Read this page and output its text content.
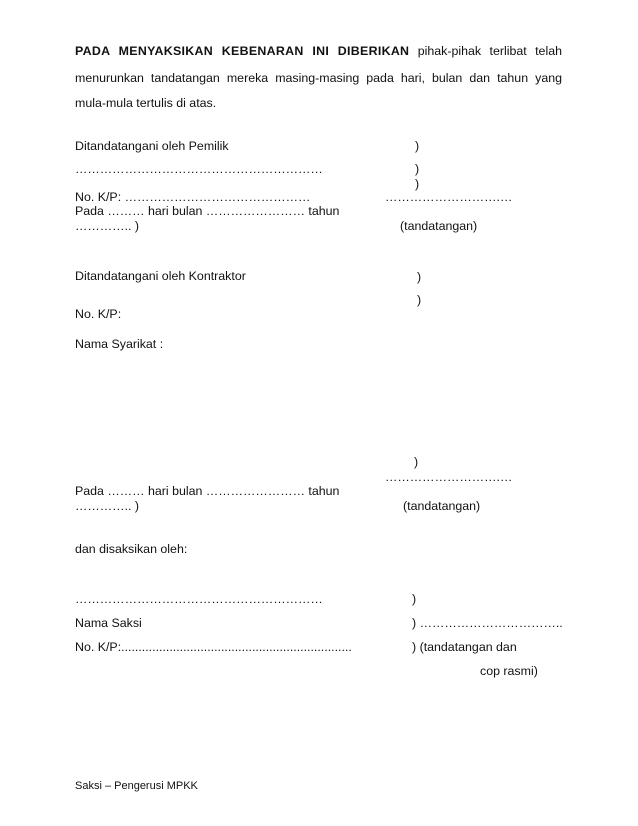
PADA MENYAKSIKAN KEBENARAN INI DIBERIKAN pihak-pihak terlibat telah
menurunkan tandatangan mereka masing-masing pada hari, bulan dan tahun yang
mula-mula tertulis di atas.
Ditandatangani oleh Pemilik	)
……………………………………………………	)
)
No. K/P: ………………………………………	……………………….…
Pada ……… hari bulan …………………… tahun
………….. )	(tandatangan)
Ditandatangani oleh Kontraktor	)
)
No. K/P:
Nama Syarikat :
)
……………………….…
Pada ……… hari bulan …………………… tahun
………….. )	(tandatangan)
dan disaksikan oleh:
……………………………………………………	)
Nama Saksi	) ……………………………..
No. K/P:...................................................................	) (tandatangan dan
cop rasmi)
Saksi – Pengerusi MPKK
